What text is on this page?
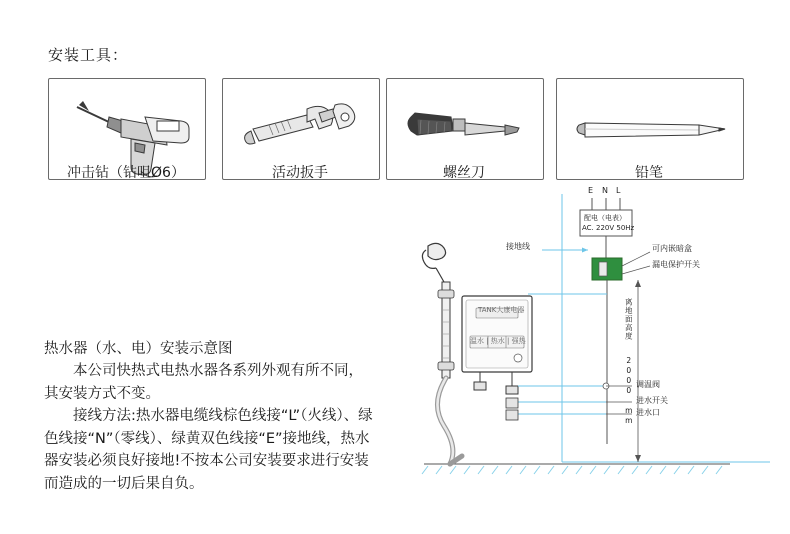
安装工具：
冲击钻（钻咀Ø6）	活动扳手	螺丝刀	铅笔

热水器（水、电）安装示意图

本公司快热式电热水器各系列外观有所不同，其安装方式不变。

接线方法:热水器电缆线棕色线接“L”（火线）、绿色线接“N”（零线）、绿黄双色线接“E”接地线，热水器安装必须良好接地!不按本公司安装要求进行安装而造成的一切后果自负。

E N L
配电（电表）
AC. 220V 50Hz
接地线	可内嵌暗盒
漏电保护开关
离地面高度
2000 mm 调温阀
进水开关
进水口
TANK大康电器
温水 | 热水 | 强热
